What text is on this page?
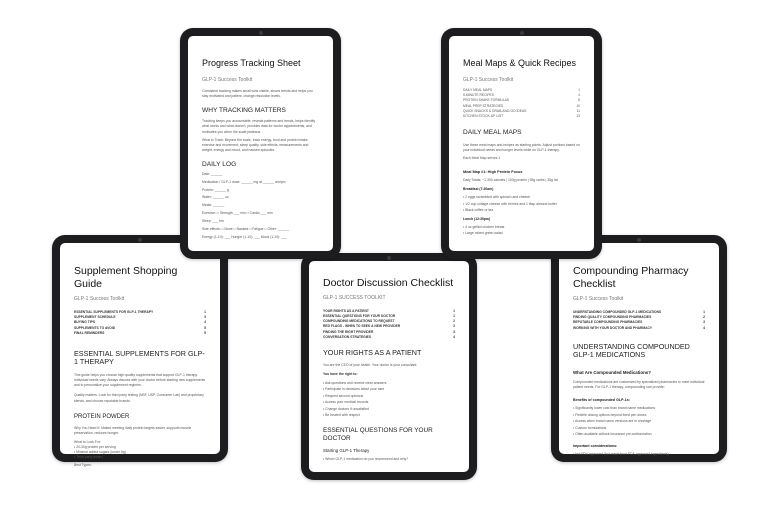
Supplement Shopping Guide
GLP-1 Success Toolkit
ESSENTIAL SUPPLEMENTS FOR GLP-1 THERAPY	1
SUPPLEMENT SCHEDULE	3
BUYING TIPS	4
SUPPLEMENTS TO AVOID	5
FINAL REMINDERS	5
ESSENTIAL SUPPLEMENTS FOR GLP-1 THERAPY
This guide helps you choose high quality supplements that support GLP-1 therapy. Individual needs vary. Always discuss with your doctor before starting new supplements and to personalize your supplement regimen.
Quality matters: Look for third party testing (NSF, USP, Consumer Lab) and proprietary blends, and choose reputable brands.
PROTEIN POWDER
Why You Need It: Makes meeting daily protein targets easier, supports muscle preservation, reduces hunger.
What to Look For:
• 20-30g protein per serving
• Minimal added sugars (under 5g)
• Third party tested
Best Types:
Compounding Pharmacy Checklist
GLP-1 Success Toolkit
UNDERSTANDING COMPOUNDED GLP-1 MEDICATIONS	1
FINDING QUALITY COMPOUNDING PHARMACIES	2
REPUTABLE COMPOUNDING PHARMACIES	3
WORKING WITH YOUR DOCTOR AND PHARMACY	4
UNDERSTANDING COMPOUNDED GLP-1 MEDICATIONS
What Are Compounded Medications?
Compounded medications are customized by specialized pharmacies to meet individual patient needs. For GLP-1 therapy, compounding can provide:
Benefits of compounded GLP-1s:
• Significantly lower cost than brand name medications
• Flexible dosing options beyond fixed pen doses
• Access when brand name versions are in shortage
• Custom formulations
• Often available without insurance pre-authorization
Important considerations:
• Not FDA approved (but made from FDA-approved ingredients)
Doctor Discussion Checklist
GLP-1 SUCCESS TOOLKIT
YOUR RIGHTS AS A PATIENT	1
ESSENTIAL QUESTIONS FOR YOUR DOCTOR	1
COMPOUNDING MEDICATIONS TO REQUEST	2
RED FLAGS - WHEN TO SEEK A NEW PROVIDER	3
FINDING THE RIGHT PROVIDER	3
CONVERSATION STRATEGIES	4
YOUR RIGHTS AS A PATIENT
You are the CEO of your health. Your doctor is your consultant.
You have the right to:
• Ask questions and receive clear answers
• Participate in decisions about your care
• Request second opinions
• Access your medical records
• Change doctors if unsatisfied
• Be treated with respect
ESSENTIAL QUESTIONS FOR YOUR DOCTOR
Starting GLP-1 Therapy
• Which GLP-1 medication do you recommend and why?
Progress Tracking Sheet
GLP-1 Success Toolkit
Consistent tracking makes small wins visible, shows trends and helps you stay motivated and patient, change resolution levels.
WHY TRACKING MATTERS
Tracking keeps you accountable, reveals patterns and trends, helps identify what works and what doesn't, provides data for doctor appointments, and motivates you when the scale plateaus.
What to Track: Beyond the scale, track energy, food and protein intake, exercise and movement, sleep quality, side effects, measurements and weight, energy and mood, and nausea episodes.
DAILY LOG
Date: ______
Medication / GLP-1 dose: ______ mg at ______ am/pm
Protein: ______ g
Water: ______ oz
Meals: ______
Exercise: □ Strength ___ min □ Cardio ___ min
Sleep: ___ hrs
Side effects: □ None □ Nausea □ Fatigue □ Other: ______
Energy (1-10): ___ Hunger (1-10): ___ Mood (1-10): ___
Meal Maps & Quick Recipes
GLP-1 Success Toolkit
DAILY MEAL MAPS	1
5-MINUTE RECIPES	4
PROTEIN SHAKE FORMULAS	8
MEAL PREP STRATEGIES	10
QUICK SNACKS & GRAB-AND-GO IDEAS	11
KITCHEN STOCK-UP LIST	13
DAILY MEAL MAPS
Use these meal maps and recipes as starting points. Adjust portions based on your individual needs and hunger levels while on GLP-1 therapy.
Each Meal Map serves 1
Meal Map #1: High Protein Focus
Daily Totals: ~1,300 calories | 100g protein | 65g carbs | 35g fat
Breakfast (7:30am)
• 2 eggs scrambled with spinach and cheese
• 1/2 cup cottage cheese with berries and 1 tbsp almond butter
• Black coffee or tea
Lunch (12:30pm)
• 4 oz grilled chicken breast
• Large mixed green salad
